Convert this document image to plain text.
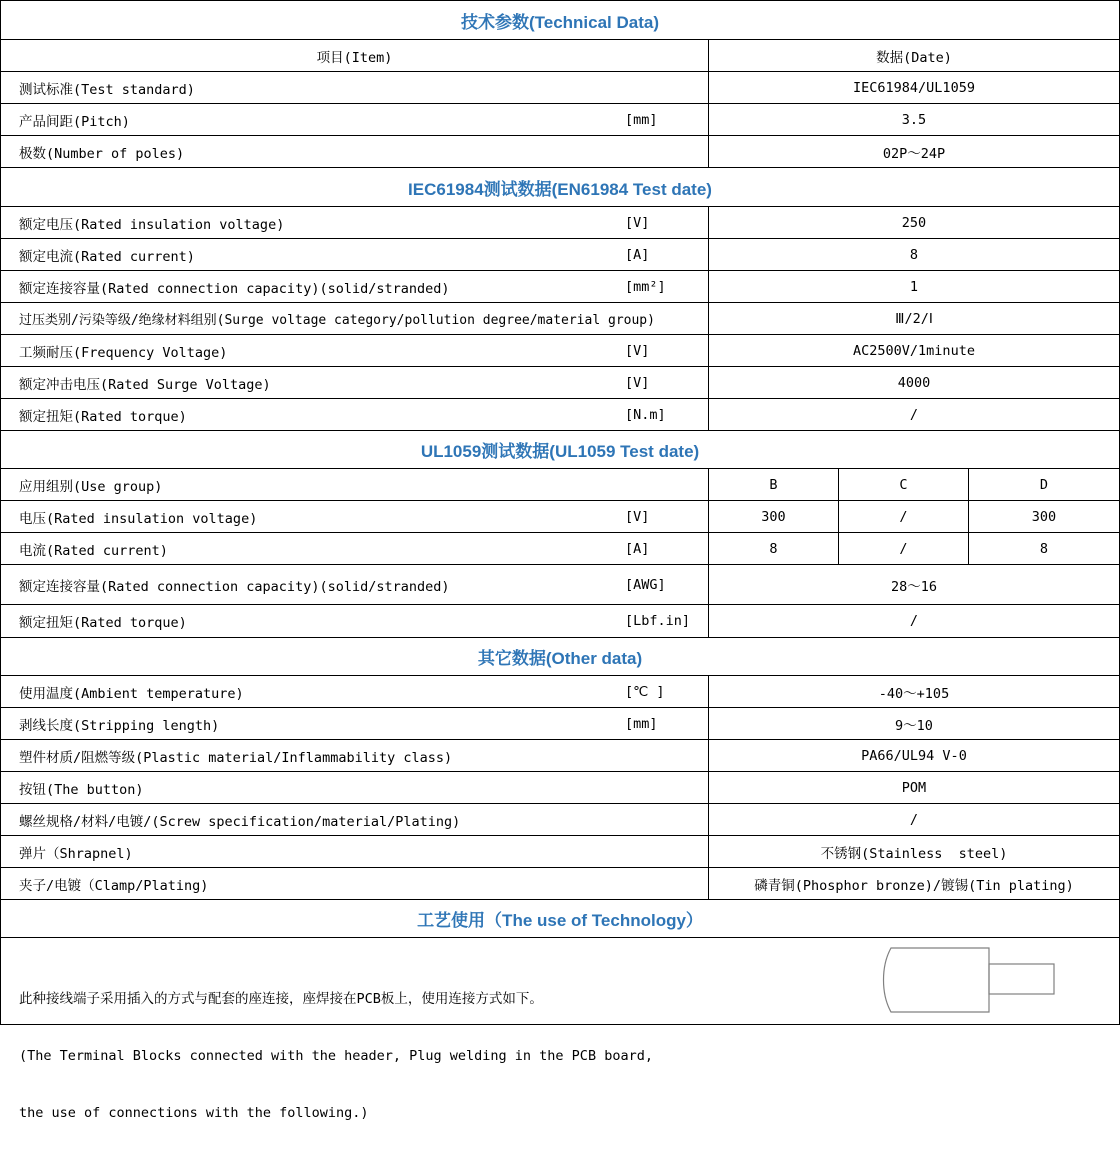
技术参数(Technical Data)
项目(Item)	数据(Date)
测试标准(Test standard)	IEC61984/UL1059
产品间距(Pitch)	[mm]	3.5
极数(Number of poles)	02P～24P
IEC61984测试数据(EN61984 Test date)
额定电压(Rated insulation voltage)	[V]	250
额定电流(Rated current)	[A]	8
额定连接容量(Rated connection capacity)(solid/stranded)	[mm²]	1
过压类别/污染等级/绝缘材料组别(Surge voltage category/pollution degree/material group)	Ⅲ/2/Ⅰ
工频耐压(Frequency Voltage)	[V]	AC2500V/1minute
额定冲击电压(Rated Surge Voltage)	[V]	4000
额定扭矩(Rated torque)	[N.m]	/
UL1059测试数据(UL1059 Test date)
应用组别(Use group)	B	C	D
电压(Rated insulation voltage)	[V]	300	/	300
电流(Rated current)	[A]	8	/	8
额定连接容量(Rated connection capacity)(solid/stranded)	[AWG]	28～16
额定扭矩(Rated torque)	[Lbf.in]	/
其它数据(Other data)
使用温度(Ambient temperature)	[℃ ]	-40～+105
剥线长度(Stripping length)	[mm]	9～10
塑件材质/阻燃等级(Plastic material/Inflammability class)	PA66/UL94 V-0
按钮(The button)	POM
螺丝规格/材料/电镀/(Screw specification/material/Plating)	/
弹片（Shrapnel)	不锈钢(Stainless  steel)
夹子/电镀（Clamp/Plating)	磷青铜(Phosphor bronze)/镀锡(Tin plating)
工艺使用（The use of Technology）

此种接线端子采用插入的方式与配套的座连接，座焊接在PCB板上，使用连接方式如下。

(The Terminal Blocks connected with the header, Plug welding in the PCB board,

the use of connections with the following.)
